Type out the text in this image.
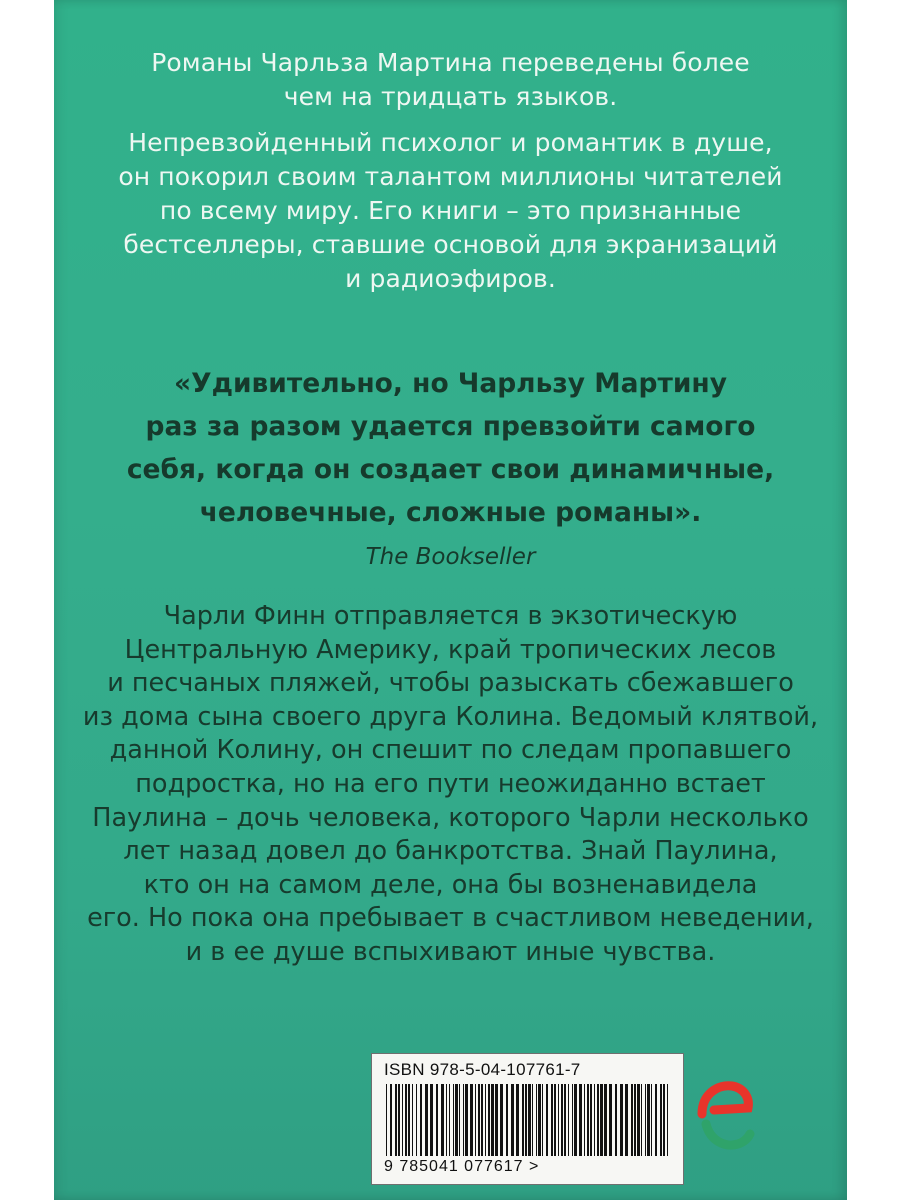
Романы Чарльза Мартина переведены более
чем на тридцать языков.

Непревзойденный психолог и романтик в душе,
он покорил своим талантом миллионы читателей
по всему миру. Его книги – это признанные
бестселлеры, ставшие основой для экранизаций
и радиоэфиров.

«Удивительно, но Чарльзу Мартину
раз за разом удается превзойти самого
себя, когда он создает свои динамичные,
человечные, сложные романы».
The Bookseller

Чарли Финн отправляется в экзотическую
Центральную Америку, край тропических лесов
и песчаных пляжей, чтобы разыскать сбежавшего
из дома сына своего друга Колина. Ведомый клятвой,
данной Колину, он спешит по следам пропавшего
подростка, но на его пути неожиданно встает
Паулина – дочь человека, которого Чарли несколько
лет назад довел до банкротства. Знай Паулина,
кто он на самом деле, она бы возненавидела
его. Но пока она пребывает в счастливом неведении,
и в ее душе вспыхивают иные чувства.

ISBN 978-5-04-107761-7
9 785041 077617 >
